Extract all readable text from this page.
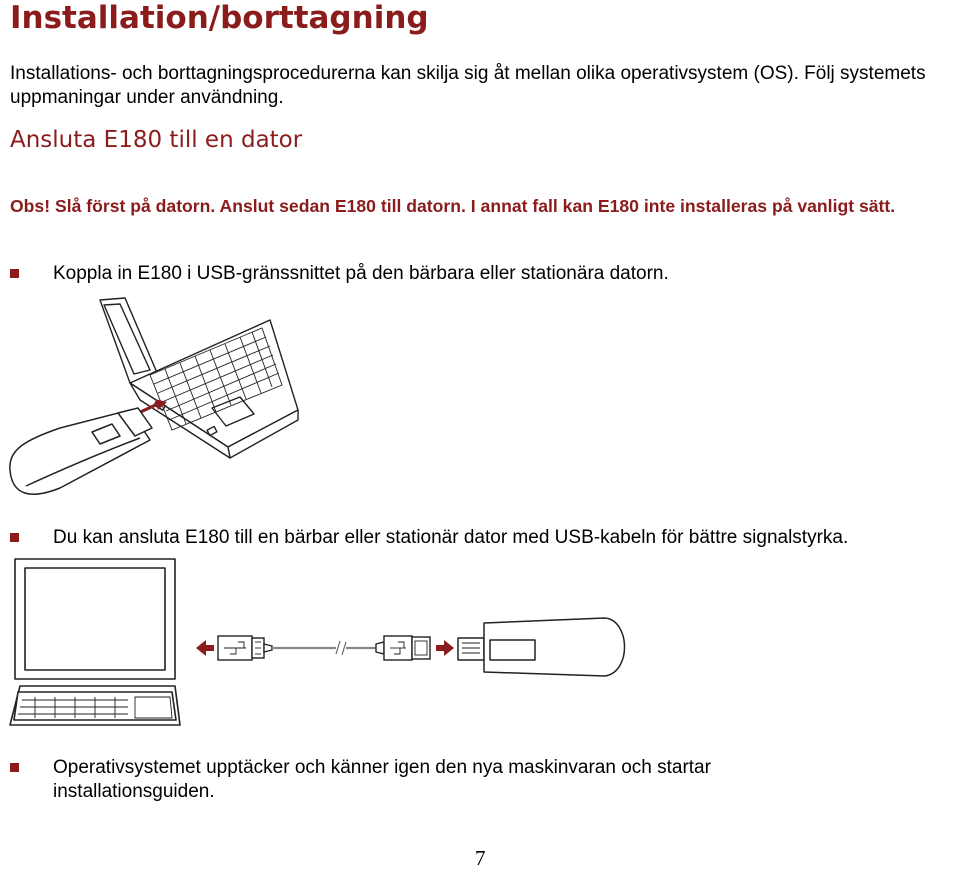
Installation/borttagning
Installations- och borttagningsprocedurerna kan skilja sig åt mellan olika operativsystem (OS). Följ systemets uppmaningar under användning.
Ansluta E180 till en dator
Obs! Slå först på datorn. Anslut sedan E180 till datorn. I annat fall kan E180 inte installeras på vanligt sätt.
Koppla in E180 i USB-gränssnittet på den bärbara eller stationära datorn.
Du kan ansluta E180 till en bärbar eller stationär dator med USB-kabeln för bättre signalstyrka.
Operativsystemet upptäcker och känner igen den nya maskinvaran och startar installationsguiden.
7
